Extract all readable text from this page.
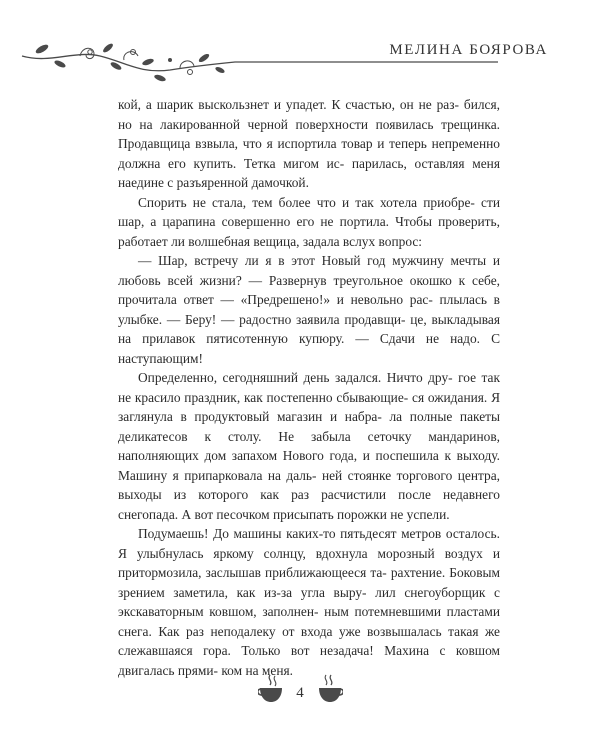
МЕЛИНА БОЯРОВА

кой, а шарик выскользнет и упадет. К счастью, он не раз- бился, но на лакированной черной поверхности появилась трещинка. Продавщица взвыла, что я испортила товар и теперь непременно должна его купить. Тетка мигом ис- парилась, оставляя меня наедине с разъяренной дамочкой.

Спорить не стала, тем более что и так хотела приобре- сти шар, а царапина совершенно его не портила. Чтобы проверить, работает ли волшебная вещица, задала вслух вопрос:

— Шар, встречу ли я в этот Новый год мужчину мечты и любовь всей жизни? — Развернув треугольное окошко к себе, прочитала ответ — «Предрешено!» и невольно рас- плылась в улыбке. — Беру! — радостно заявила продавщи- це, выкладывая на прилавок пятисотенную купюру. — Сдачи не надо. С наступающим!

Определенно, сегодняшний день задался. Ничто дру- гое так не красило праздник, как постепенно сбывающие- ся ожидания. Я заглянула в продуктовый магазин и набра- ла полные пакеты деликатесов к столу. Не забыла сеточку мандаринов, наполняющих дом запахом Нового года, и поспешила к выходу. Машину я припарковала на даль- ней стоянке торгового центра, выходы из которого как раз расчистили после недавнего снегопада. А вот песочком присыпать порожки не успели.

Подумаешь! До машины каких-то пятьдесят метров осталось. Я улыбнулась яркому солнцу, вдохнула морозный воздух и притормозила, заслышав приближающееся та- рахтение. Боковым зрением заметила, как из-за угла выру- лил снегоуборщик с экскаваторным ковшом, заполнен- ным потемневшими пластами снега. Как раз неподалеку от входа уже возвышалась такая же слежавшаяся гора. Только вот незадача! Махина с ковшом двигалась прями- ком на меня.

4
